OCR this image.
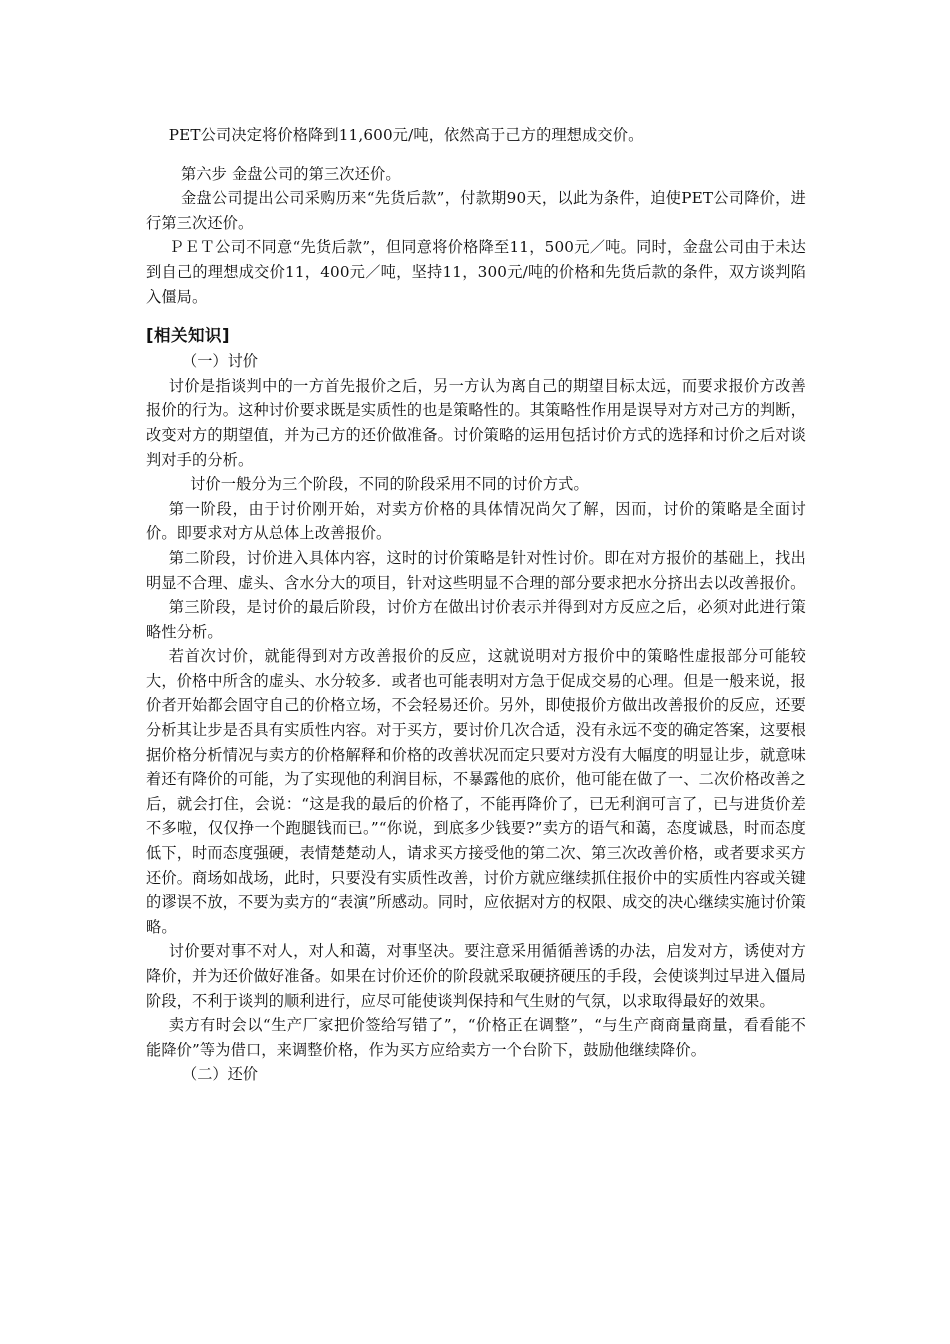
PET公司决定将价格降到11,600元/吨，依然高于己方的理想成交价。

第六步 金盘公司的第三次还价。

金盘公司提出公司采购历来“先货后款”，付款期90天，以此为条件，迫使PET公司降价，进行第三次还价。

ＰＥＴ公司不同意“先货后款”，但同意将价格降至11，500元／吨。同时，金盘公司由于未达到自己的理想成交价11，400元／吨，坚持11，300元/吨的价格和先货后款的条件，双方谈判陷入僵局。

[相关知识]

（一）讨价

讨价是指谈判中的一方首先报价之后，另一方认为离自己的期望目标太远，而要求报价方改善报价的行为。这种讨价要求既是实质性的也是策略性的。其策略性作用是误导对方对己方的判断，改变对方的期望值，并为己方的还价做准备。讨价策略的运用包括讨价方式的选择和讨价之后对谈判对手的分析。

讨价一般分为三个阶段，不同的阶段采用不同的讨价方式。

第一阶段，由于讨价刚开始，对卖方价格的具体情况尚欠了解，因而，讨价的策略是全面讨价。即要求对方从总体上改善报价。

第二阶段，讨价进入具体内容，这时的讨价策略是针对性讨价。即在对方报价的基础上，找出明显不合理、虚头、含水分大的项目，针对这些明显不合理的部分要求把水分挤出去以改善报价。

第三阶段，是讨价的最后阶段，讨价方在做出讨价表示并得到对方反应之后，必须对此进行策略性分析。

若首次讨价，就能得到对方改善报价的反应，这就说明对方报价中的策略性虚报部分可能较大，价格中所含的虚头、水分较多．或者也可能表明对方急于促成交易的心理。但是一般来说，报价者开始都会固守自己的价格立场，不会轻易还价。另外，即使报价方做出改善报价的反应，还要分析其让步是否具有实质性内容。对于买方，要讨价几次合适，没有永远不变的确定答案，这要根据价格分析情况与卖方的价格解释和价格的改善状况而定只要对方没有大幅度的明显让步，就意味着还有降价的可能，为了实现他的利润目标，不暴露他的底价，他可能在做了一、二次价格改善之后，就会打住，会说：“这是我的最后的价格了，不能再降价了，已无利润可言了，已与进货价差不多啦，仅仅挣一个跑腿钱而已。”“你说，到底多少钱要?”卖方的语气和蔼，态度诚恳，时而态度低下，时而态度强硬，表情楚楚动人，请求买方接受他的第二次、第三次改善价格，或者要求买方还价。商场如战场，此时，只要没有实质性改善，讨价方就应继续抓住报价中的实质性内容或关键的谬误不放，不要为卖方的“表演”所感动。同时，应依据对方的权限、成交的决心继续实施讨价策略。

讨价要对事不对人，对人和蔼，对事坚决。要注意采用循循善诱的办法，启发对方，诱使对方降价，并为还价做好准备。如果在讨价还价的阶段就采取硬挤硬压的手段，会使谈判过早进入僵局阶段，不利于谈判的顺利进行，应尽可能使谈判保持和气生财的气氛，以求取得最好的效果。

卖方有时会以“生产厂家把价签给写错了”，“价格正在调整”，“与生产商商量商量，看看能不能降价”等为借口，来调整价格，作为买方应给卖方一个台阶下，鼓励他继续降价。

（二）还价
